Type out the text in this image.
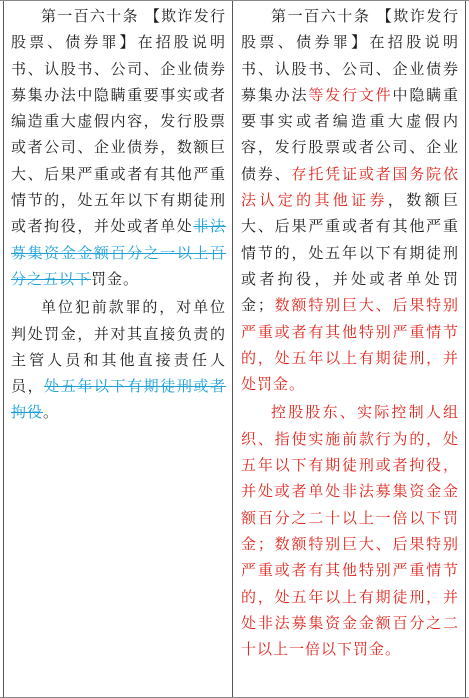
第一百六十条 【欺诈发行股票、债券罪】在招股说明书、认股书、公司、企业债券募集办法中隐瞒重要事实或者编造重大虚假内容，发行股票或者公司、企业债券，数额巨大、后果严重或者有其他严重情节的，处五年以下有期徒刑或者拘役，并处或者单处非法募集资金金额百分之一以上百分之五以下罚金。

单位犯前款罪的，对单位判处罚金，并对其直接负责的主管人员和其他直接责任人员，处五年以下有期徒刑或者拘役。

第一百六十条 【欺诈发行股票、债券罪】在招股说明书、认股书、公司、企业债券募集办法等发行文件中隐瞒重要事实或者编造重大虚假内容，发行股票或者公司、企业债券、存托凭证或者国务院依法认定的其他证券，数额巨大、后果严重或者有其他严重情节的，处五年以下有期徒刑或者拘役，并处或者单处罚金；数额特别巨大、后果特别严重或者有其他特别严重情节的，处五年以上有期徒刑，并处罚金。

控股股东、实际控制人组织、指使实施前款行为的，处五年以下有期徒刑或者拘役，并处或者单处非法募集资金金额百分之二十以上一倍以下罚金；数额特别巨大、后果特别严重或者有其他特别严重情节的，处五年以上有期徒刑，并处非法募集资金金额百分之二十以上一倍以下罚金。
